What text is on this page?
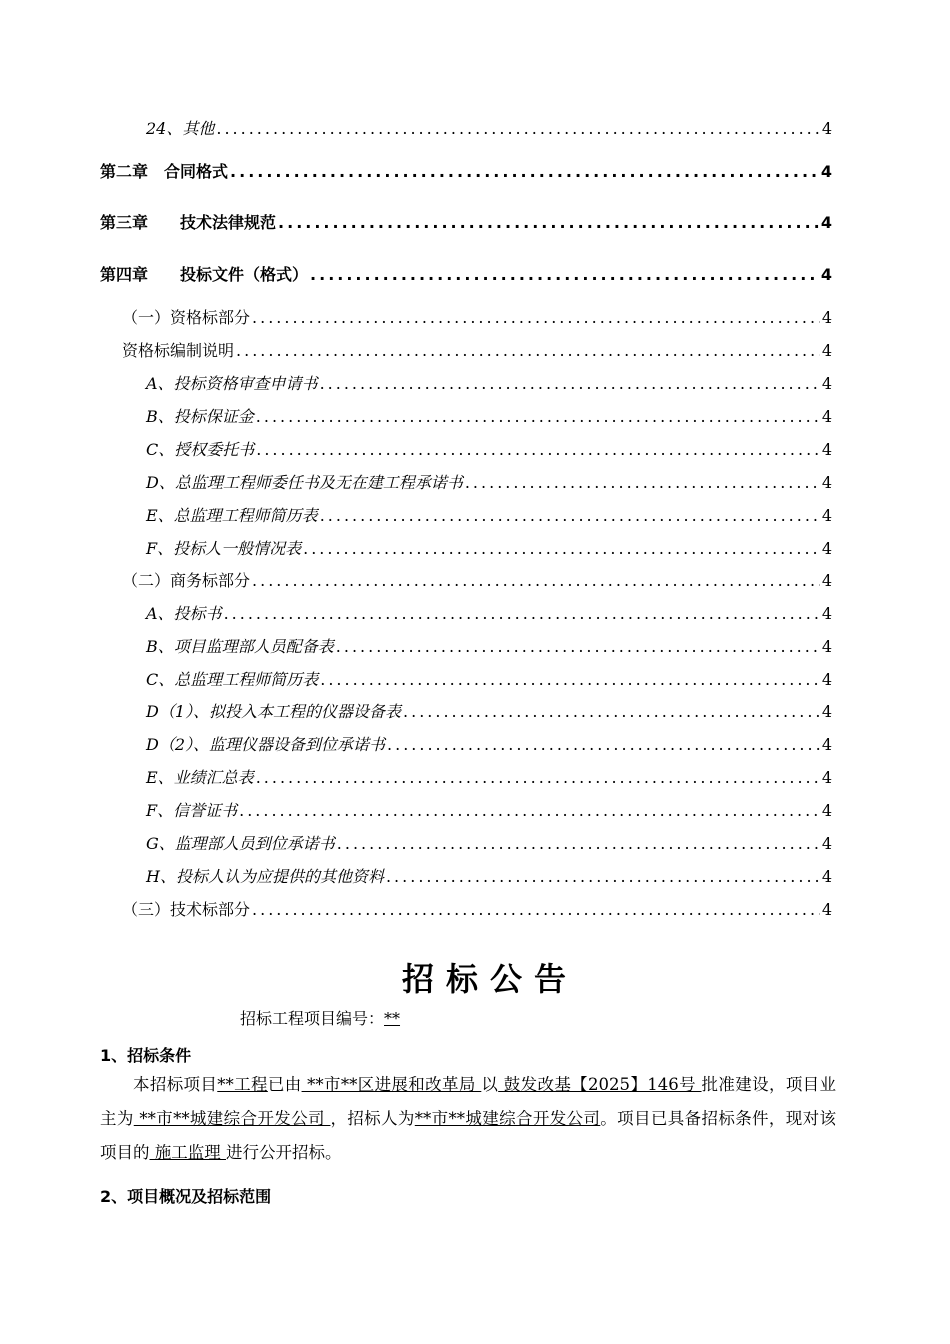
24、其他 .....	4
第二章 合同格式 .....	4
第三章 技术法律规范 .....	4
第四章 投标文件（格式） .....	4
（一）资格标部分 .....	4
资格标编制说明 .....	4
A、投标资格审查申请书 .....	4
B、投标保证金 .....	4
C、授权委托书 .....	4
D、总监理工程师委任书及无在建工程承诺书 .....	4
E、总监理工程师简历表 .....	4
F、投标人一般情况表 .....	4
（二）商务标部分 .....	4
A、投标书 .....	4
B、项目监理部人员配备表 .....	4
C、总监理工程师简历表 .....	4
D（1）、拟投入本工程的仪器设备表 .....	4
D（2）、监理仪器设备到位承诺书 .....	4
E、业绩汇总表 .....	4
F、信誉证书 .....	4
G、监理部人员到位承诺书 .....	4
H、投标人认为应提供的其他资料 .....	4
（三）技术标部分 .....	4
招标公告
招标工程项目编号：**
1、招标条件
本招标项目**工程已由 **市**区进展和改革局 以 鼓发改基【2025】146号 批准建设，项目业主为 **市**城建综合开发公司 ，招标人为**市**城建综合开发公司。项目已具备招标条件，现对该项目的 施工监理 进行公开招标。
2、项目概况及招标范围
